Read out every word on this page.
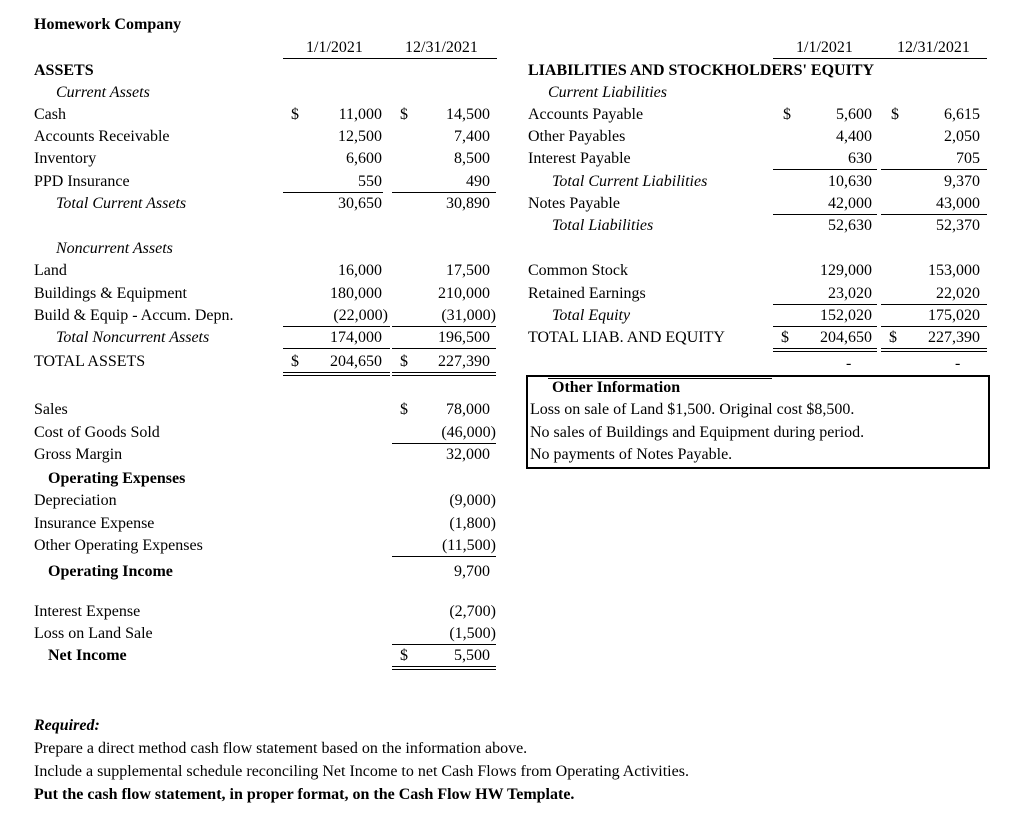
Homework Company
1/1/2021	12/31/2021	1/1/2021	12/31/2021
ASSETS
Current Assets
Cash	$	11,000 $	14,500
Accounts Receivable	12,500	7,400
Inventory	6,600	8,500
PPD Insurance	550	490
Total Current Assets	30,650	30,890
Noncurrent Assets
Land	16,000	17,500
Buildings & Equipment	180,000	210,000
Build & Equip - Accum. Depn.	(22,000)	(31,000)
Total Noncurrent Assets	174,000	196,500
TOTAL ASSETS	$	204,650 $	227,390
LIABILITIES AND STOCKHOLDERS' EQUITY
Current Liabilities
Accounts Payable	$	5,600 $	6,615
Other Payables	4,400	2,050
Interest Payable	630	705
Total Current Liabilities	10,630	9,370
Notes Payable	42,000	43,000
Total Liabilities	52,630	52,370
Common Stock	129,000	153,000
Retained Earnings	23,020	22,020
Total Equity	152,020	175,020
TOTAL LIAB. AND EQUITY	$	204,650 $	227,390
-	-
Other Information
Loss on sale of Land $1,500. Original cost $8,500.
No sales of Buildings and Equipment during period.
No payments of Notes Payable.
Sales	$	78,000
Cost of Goods Sold	(46,000)
Gross Margin	32,000
Operating Expenses
Depreciation	(9,000)
Insurance Expense	(1,800)
Other Operating Expenses	(11,500)
Operating Income	9,700
Interest Expense	(2,700)
Loss on Land Sale	(1,500)
Net Income	$	5,500
Required:
Prepare a direct method cash flow statement based on the information above.
Include a supplemental schedule reconciling Net Income to net Cash Flows from Operating Activities.
Put the cash flow statement, in proper format, on the Cash Flow HW Template.
